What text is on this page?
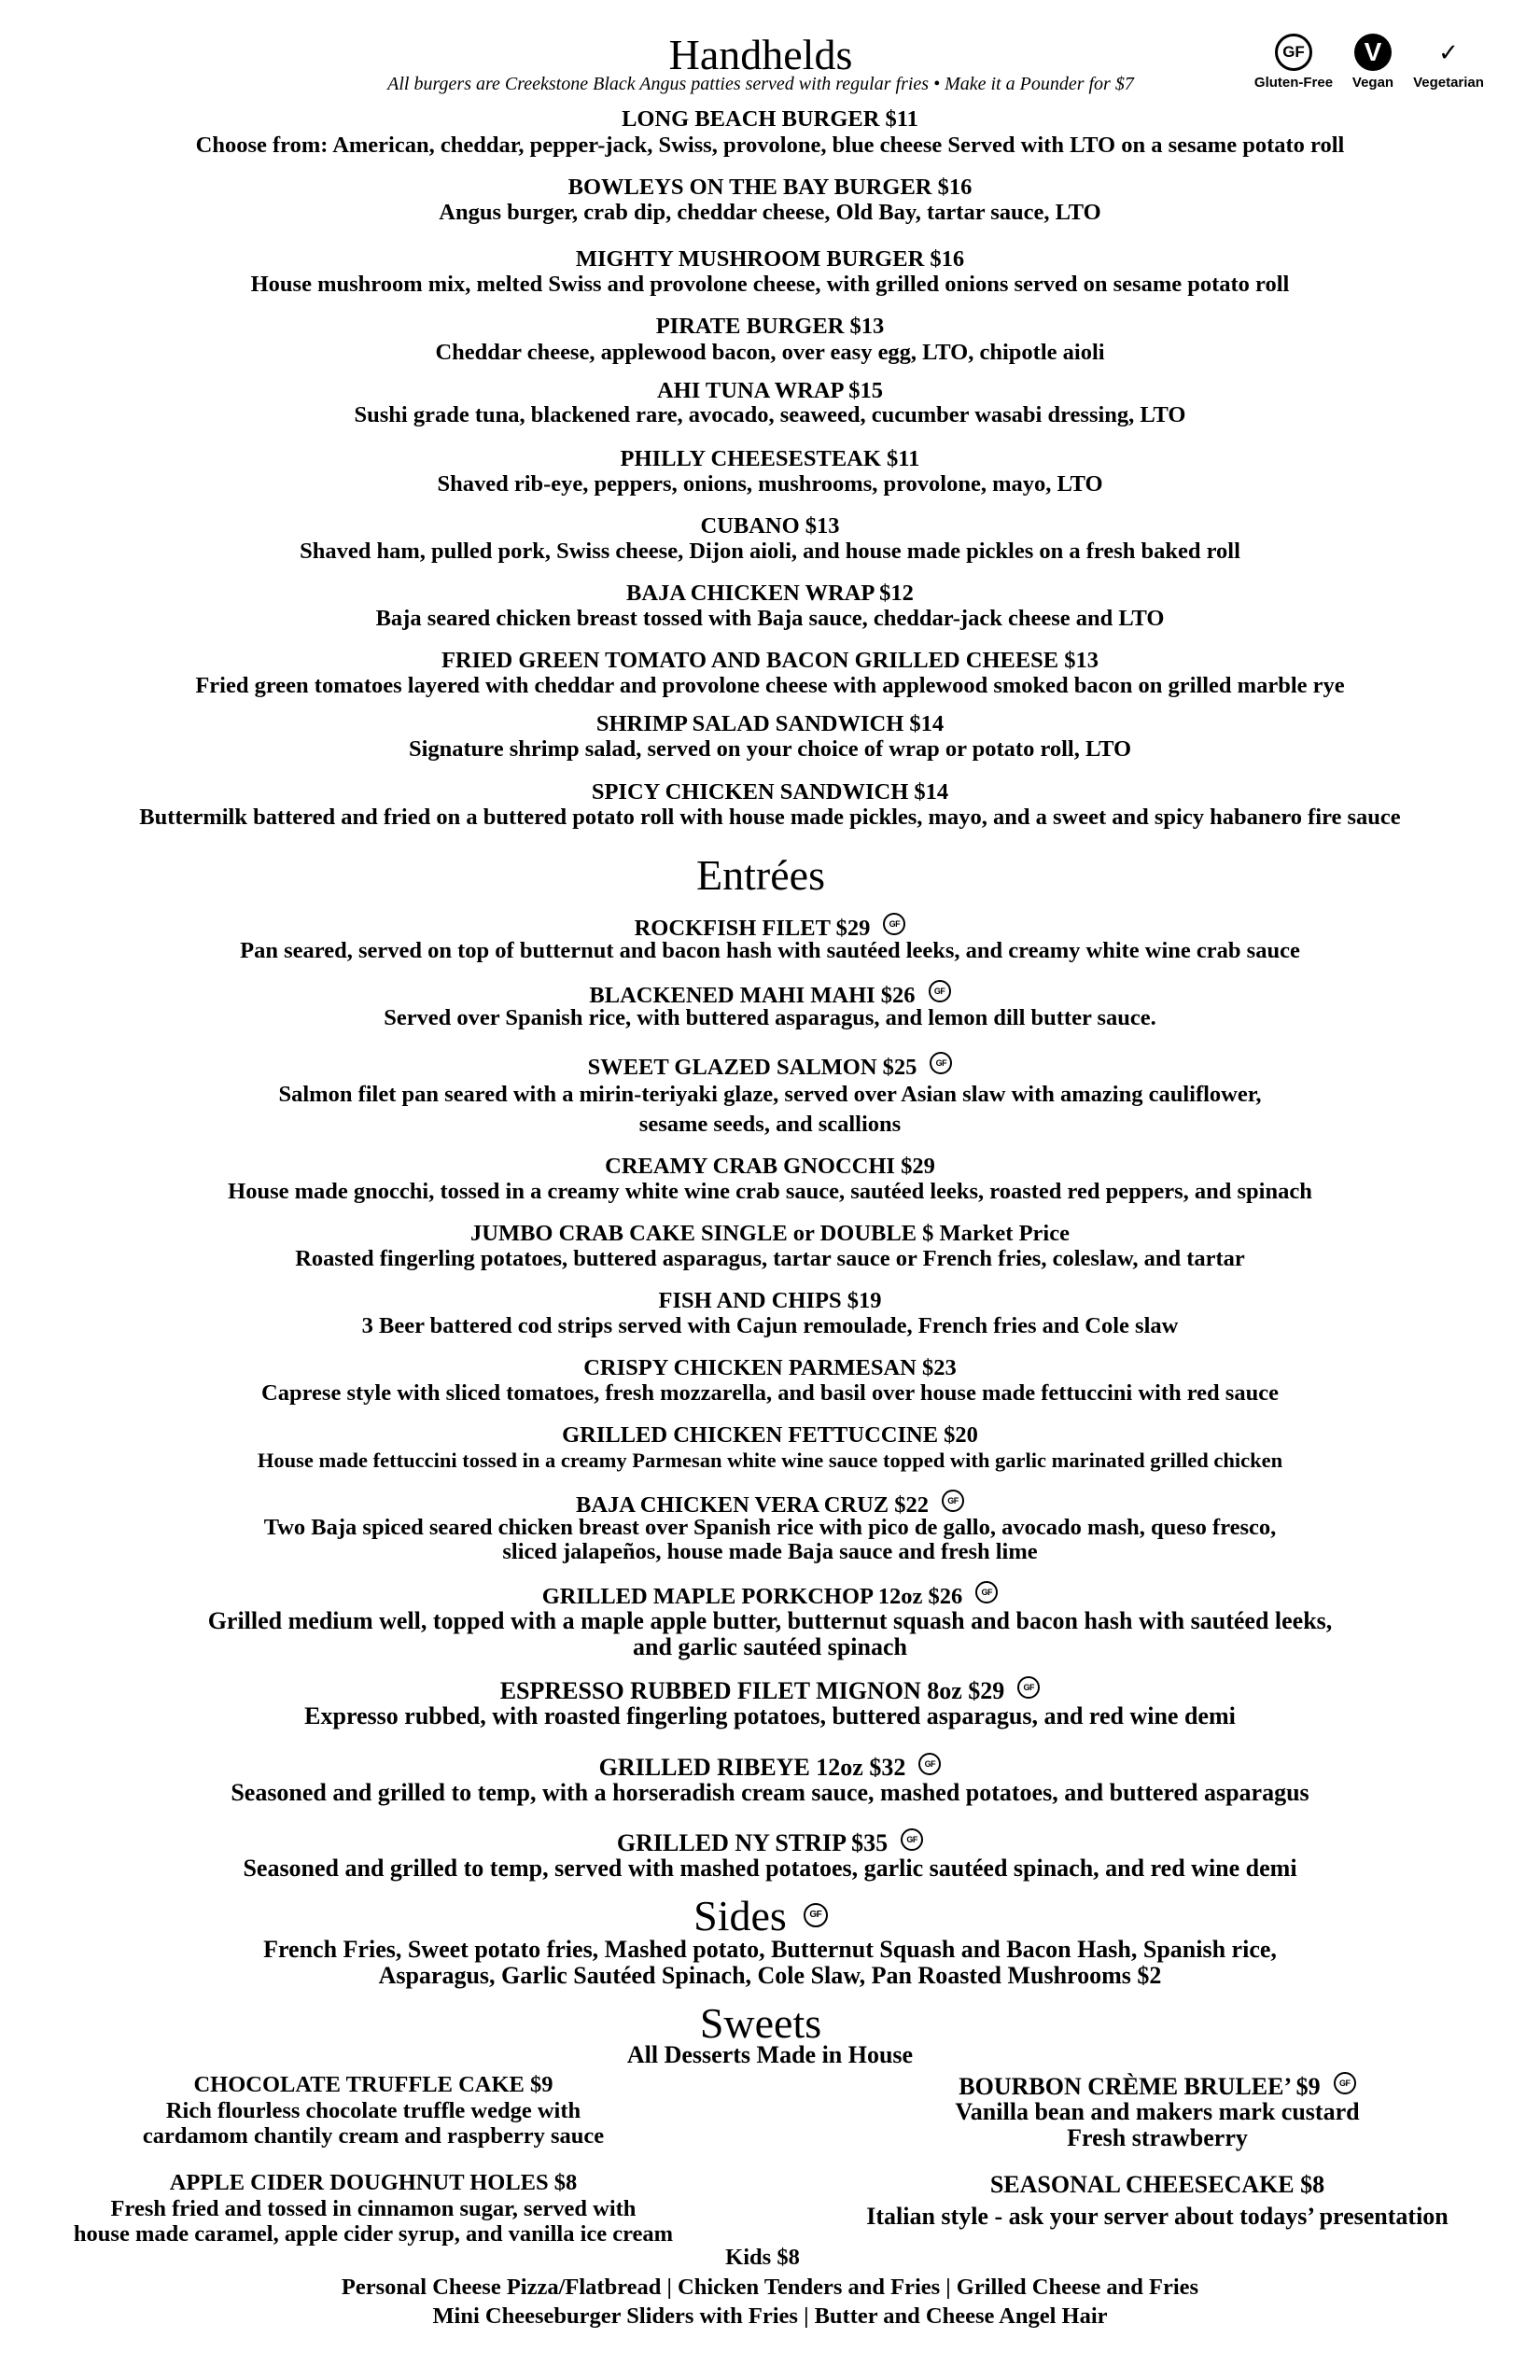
GF
Gluten-Free
V
Vegan
✓
Vegetarian
Handhelds
All burgers are Creekstone Black Angus patties served with regular fries • Make it a Pounder for $7
LONG BEACH BURGER $11
Choose from: American, cheddar, pepper-jack, Swiss, provolone, blue cheese Served with LTO on a sesame potato roll
BOWLEYS ON THE BAY BURGER $16
Angus burger, crab dip, cheddar cheese, Old Bay, tartar sauce, LTO
MIGHTY MUSHROOM BURGER $16
House mushroom mix, melted Swiss and provolone cheese, with grilled onions served on sesame potato roll
PIRATE BURGER $13
Cheddar cheese, applewood bacon, over easy egg, LTO, chipotle aioli
AHI TUNA WRAP $15
Sushi grade tuna, blackened rare, avocado, seaweed, cucumber wasabi dressing, LTO
PHILLY CHEESESTEAK $11
Shaved rib-eye, peppers, onions, mushrooms, provolone, mayo, LTO
CUBANO $13
Shaved ham, pulled pork, Swiss cheese, Dijon aioli, and house made pickles on a fresh baked roll
BAJA CHICKEN WRAP $12
Baja seared chicken breast tossed with Baja sauce, cheddar-jack cheese and LTO
FRIED GREEN TOMATO AND BACON GRILLED CHEESE $13
Fried green tomatoes layered with cheddar and provolone cheese with applewood smoked bacon on grilled marble rye
SHRIMP SALAD SANDWICH $14
Signature shrimp salad, served on your choice of wrap or potato roll, LTO
SPICY CHICKEN SANDWICH $14
Buttermilk battered and fried on a buttered potato roll with house made pickles, mayo, and a sweet and spicy habanero fire sauce
Entrées
ROCKFISH FILET $29 GF
Pan seared, served on top of butternut and bacon hash with sautéed leeks, and creamy white wine crab sauce
BLACKENED MAHI MAHI $26 GF
Served over Spanish rice, with buttered asparagus, and lemon dill butter sauce.
SWEET GLAZED SALMON $25 GF
Salmon filet pan seared with a mirin-teriyaki glaze, served over Asian slaw with amazing cauliflower,
sesame seeds, and scallions
CREAMY CRAB GNOCCHI $29
House made gnocchi, tossed in a creamy white wine crab sauce, sautéed leeks, roasted red peppers, and spinach
JUMBO CRAB CAKE SINGLE or DOUBLE $ Market Price
Roasted fingerling potatoes, buttered asparagus, tartar sauce or French fries, coleslaw, and tartar
FISH AND CHIPS $19
3 Beer battered cod strips served with Cajun remoulade, French fries and Cole slaw
CRISPY CHICKEN PARMESAN $23
Caprese style with sliced tomatoes, fresh mozzarella, and basil over house made fettuccini with red sauce
GRILLED CHICKEN FETTUCCINE $20
House made fettuccini tossed in a creamy Parmesan white wine sauce topped with garlic marinated grilled chicken
BAJA CHICKEN VERA CRUZ $22 GF
Two Baja spiced seared chicken breast over Spanish rice with pico de gallo, avocado mash, queso fresco,
sliced jalapeños, house made Baja sauce and fresh lime
GRILLED MAPLE PORKCHOP 12oz $26 GF
Grilled medium well, topped with a maple apple butter, butternut squash and bacon hash with sautéed leeks,
and garlic sautéed spinach
ESPRESSO RUBBED FILET MIGNON 8oz $29 GF
Expresso rubbed, with roasted fingerling potatoes, buttered asparagus, and red wine demi
GRILLED RIBEYE 12oz $32 GF
Seasoned and grilled to temp, with a horseradish cream sauce, mashed potatoes, and buttered asparagus
GRILLED NY STRIP $35 GF
Seasoned and grilled to temp, served with mashed potatoes, garlic sautéed spinach, and red wine demi
Sides GF
French Fries, Sweet potato fries, Mashed potato, Butternut Squash and Bacon Hash, Spanish rice,
Asparagus, Garlic Sautéed Spinach, Cole Slaw, Pan Roasted Mushrooms $2
Sweets
All Desserts Made in House
CHOCOLATE TRUFFLE CAKE $9
Rich flourless chocolate truffle wedge with
cardamom chantily cream and raspberry sauce
BOURBON CRÈME BRULEE’ $9 GF
Vanilla bean and makers mark custard
Fresh strawberry
APPLE CIDER DOUGHNUT HOLES $8
Fresh fried and tossed in cinnamon sugar, served with
house made caramel, apple cider syrup, and vanilla ice cream
SEASONAL CHEESECAKE $8
Italian style - ask your server about todays’ presentation
Kids $8
Personal Cheese Pizza/Flatbread | Chicken Tenders and Fries | Grilled Cheese and Fries
Mini Cheeseburger Sliders with Fries | Butter and Cheese Angel Hair
